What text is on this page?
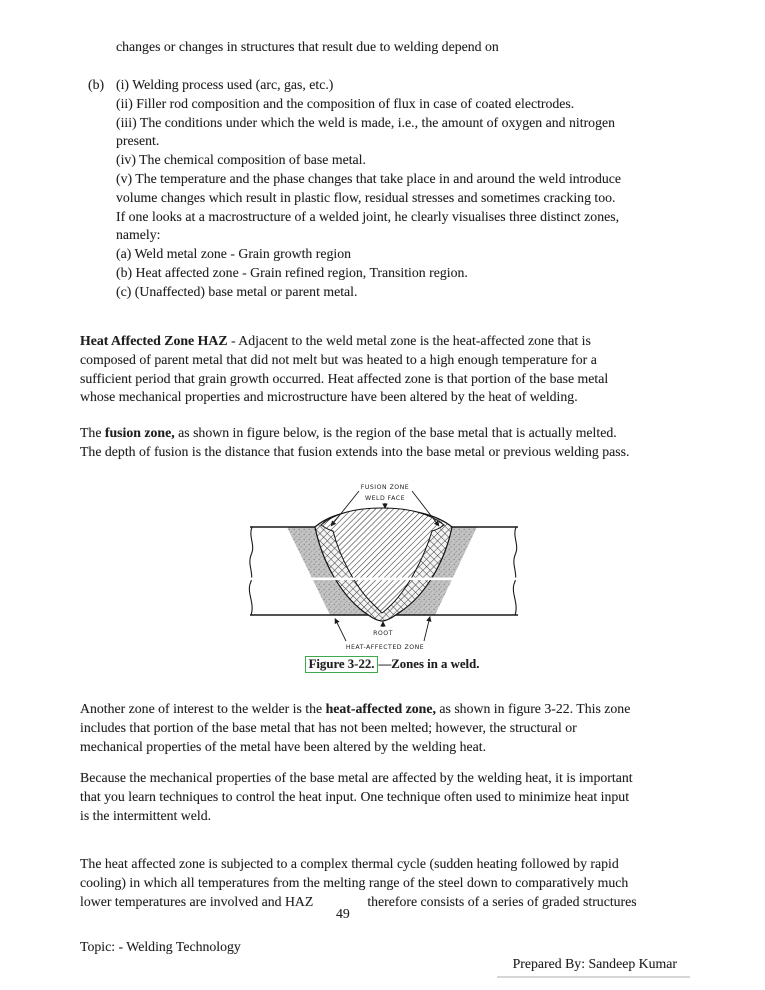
changes or changes in structures that result due to welding depend on
(b) (i) Welding process used (arc, gas, etc.)
(ii) Filler rod composition and the composition of flux in case of coated electrodes.
(iii) The conditions under which the weld is made, i.e., the amount of oxygen and nitrogen
present.
(iv) The chemical composition of base metal.
(v) The temperature and the phase changes that take place in and around the weld introduce
volume changes which result in plastic flow, residual stresses and sometimes cracking too.
If one looks at a macrostructure of a welded joint, he clearly visualises three distinct zones,
namely:
(a) Weld metal zone - Grain growth region
(b) Heat affected zone - Grain refined region, Transition region.
(c) (Unaffected) base metal or parent metal.
Heat Affected Zone HAZ - Adjacent to the weld metal zone is the heat-affected zone that is
composed of parent metal that did not melt but was heated to a high enough temperature for a
sufficient period that grain growth occurred. Heat affected zone is that portion of the base metal
whose mechanical properties and microstructure have been altered by the heat of welding.
The fusion zone, as shown in figure below, is the region of the base metal that is actually melted.
The depth of fusion is the distance that fusion extends into the base metal or previous welding pass.
FUSION ZONE
WELD FACE
ROOT
HEAT-AFFECTED ZONE
Figure 3-22. —Zones in a weld.
Another zone of interest to the welder is the heat-affected zone, as shown in figure 3-22. This zone
includes that portion of the base metal that has not been melted; however, the structural or
mechanical properties of the metal have been altered by the welding heat.
Because the mechanical properties of the base metal are affected by the welding heat, it is important
that you learn techniques to control the heat input. One technique often used to minimize heat input
is the intermittent weld.
The heat affected zone is subjected to a complex thermal cycle (sudden heating followed by rapid
cooling) in which all temperatures from the melting range of the steel down to comparatively much
lower temperatures are involved and HAZ	therefore consists of a series of graded structures
49
Topic: - Welding Technology
Prepared By: Sandeep Kumar
